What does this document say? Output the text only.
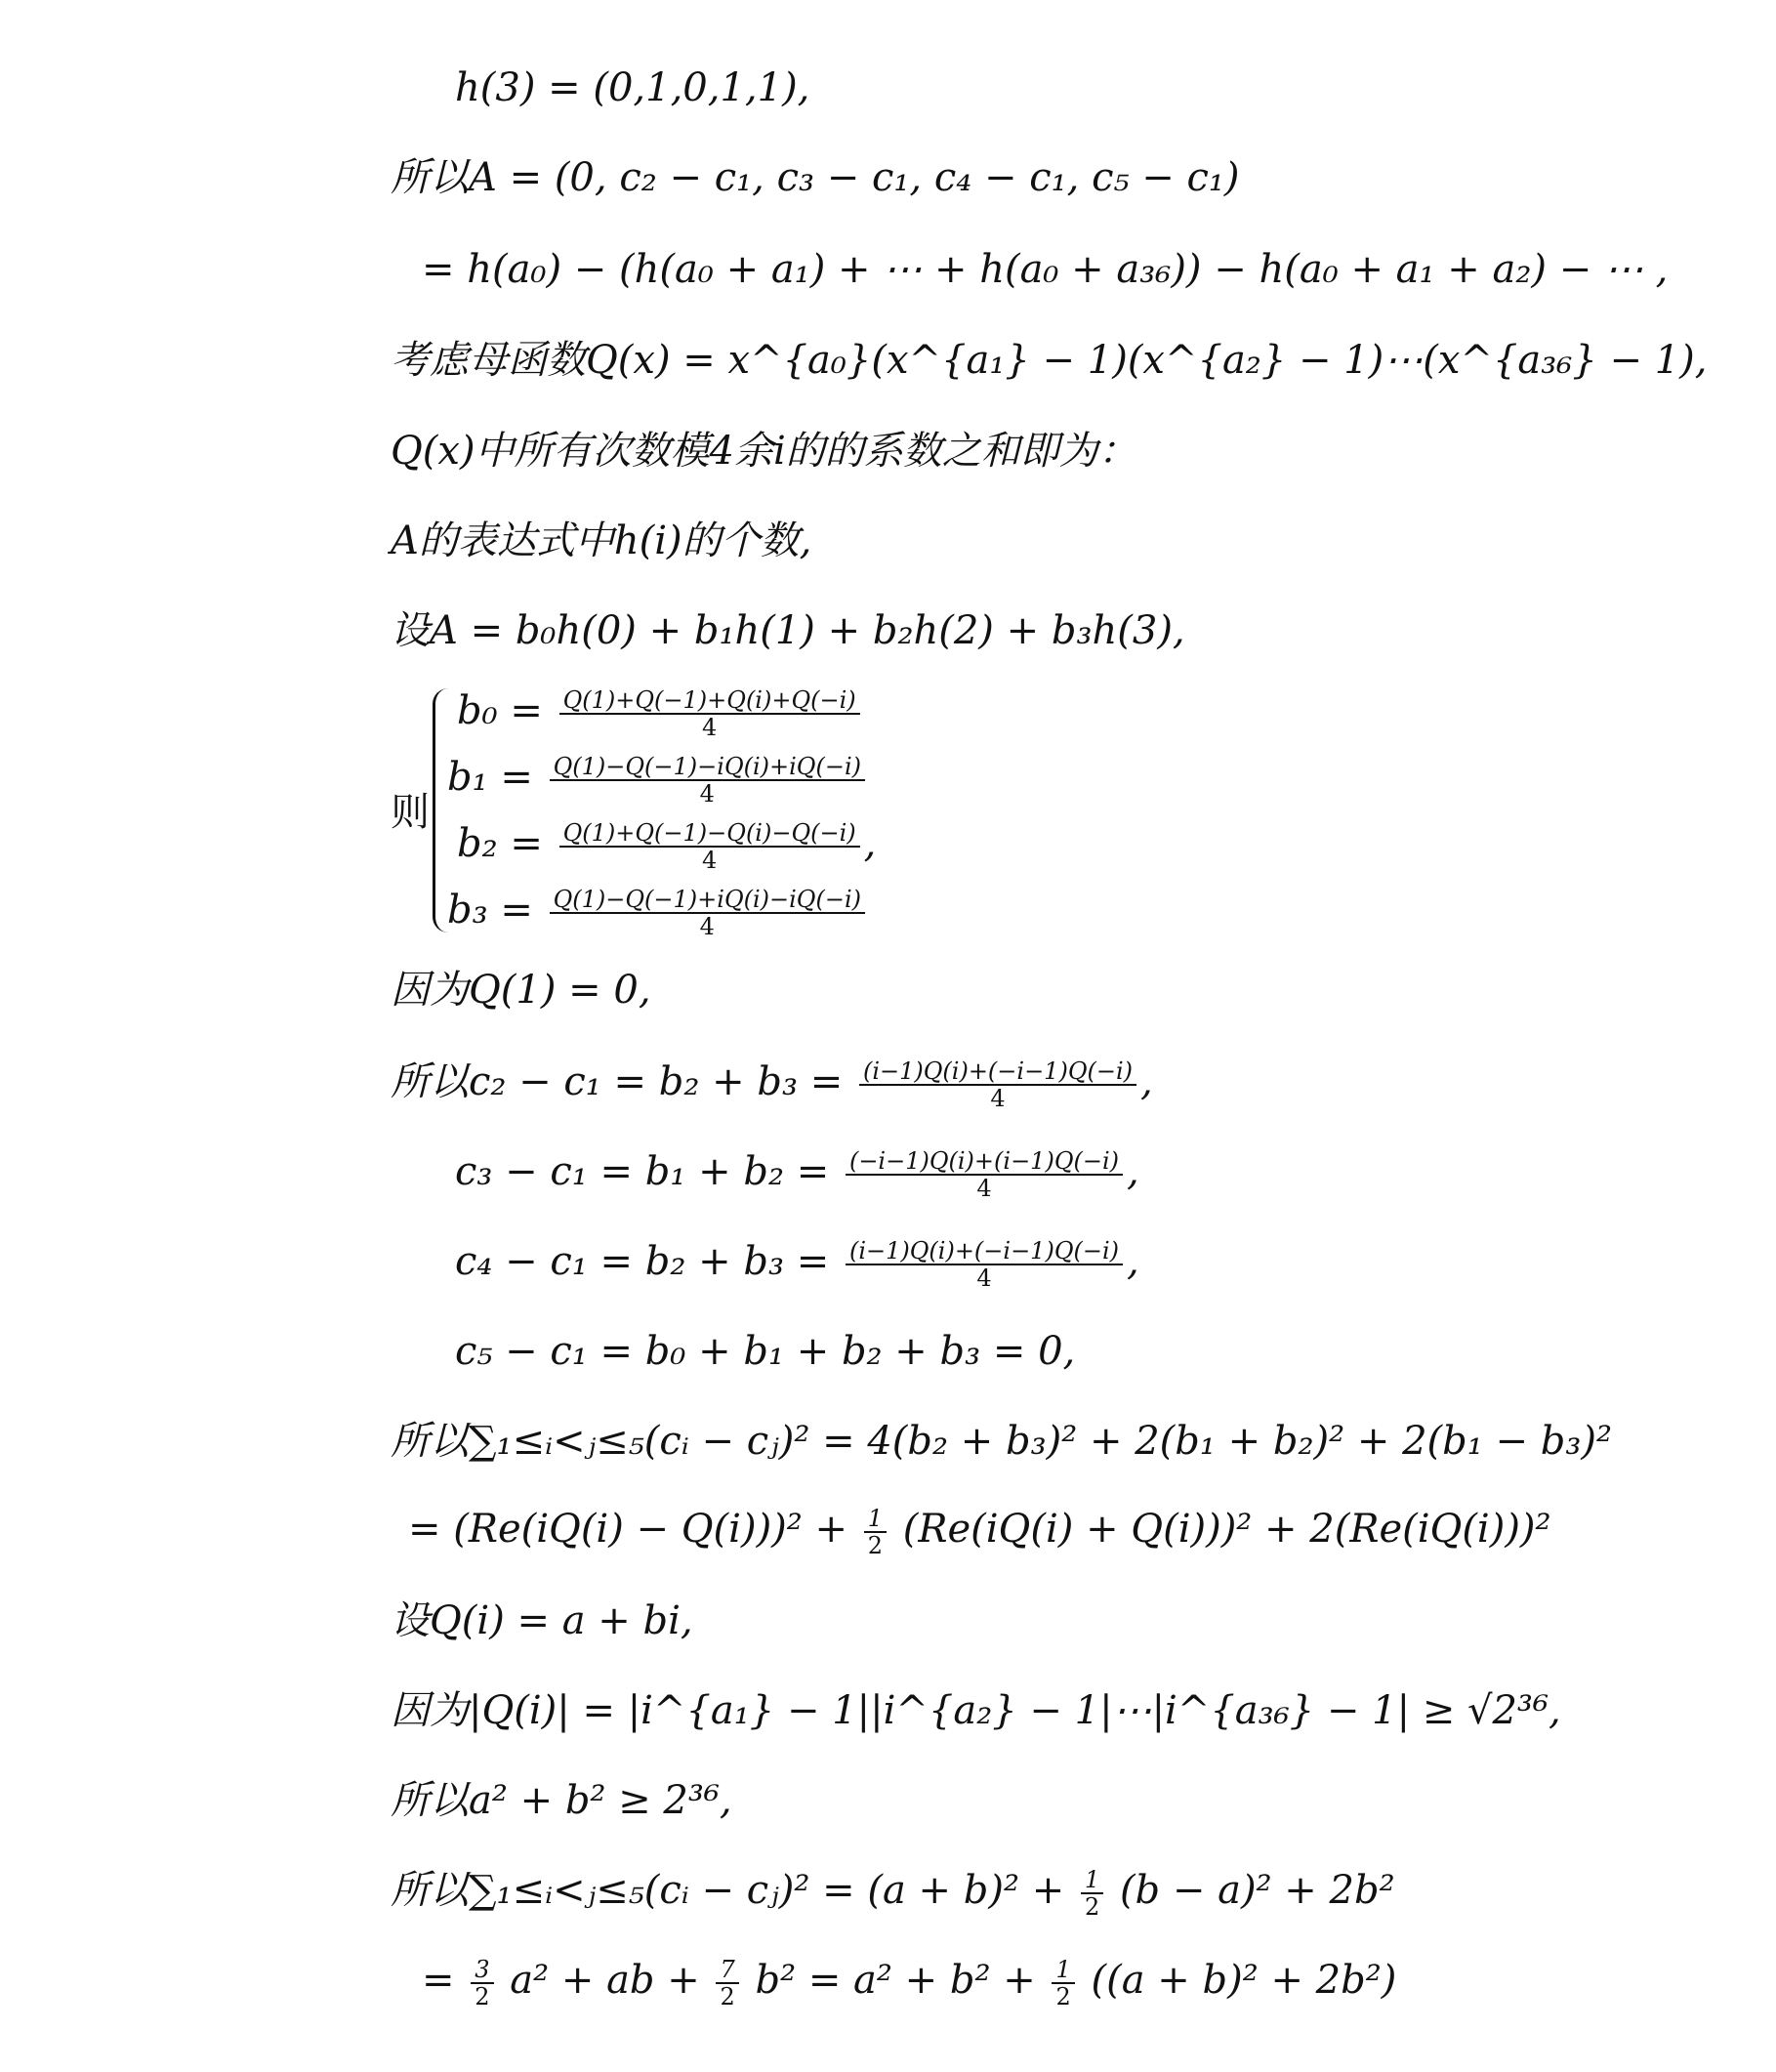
h(3) = (0,1,0,1,1),
所以A = (0, c₂ − c₁, c₃ − c₁, c₄ − c₁, c₅ − c₁)
= h(a₀) − (h(a₀ + a₁) + ⋯ + h(a₀ + a₃₆)) − h(a₀ + a₁ + a₂) − ⋯ ,
考虑母函数Q(x) = x^{a₀}(x^{a₁} − 1)(x^{a₂} − 1)⋯(x^{a₃₆} − 1),
Q(x)中所有次数模4余i的的系数之和即为：
A的表达式中h(i)的个数,
设A = b₀h(0) + b₁h(1) + b₂h(2) + b₃h(3),
则
$b_0 = \frac{Q(1)+Q(-1)+Q(i)+Q(-i)}{4}$
$b_1 = \frac{Q(1)-Q(-1)-iQ(i)+iQ(-i)}{4}$
$b_2 = \frac{Q(1)+Q(-1)-Q(i)-Q(-i)}{4}$ ,
$b_3 = \frac{Q(1)-Q(-1)+iQ(i)-iQ(-i)}{4}$
因为Q(1) = 0,
所以$c_2 - c_1 = b_2 + b_3 = \frac{(i-1)Q(i)+(-i-1)Q(-i)}{4}$ ,
$c_3 - c_1 = b_1 + b_2 = \frac{(-i-1)Q(i)+(i-1)Q(-i)}{4}$ ,
$c_4 - c_1 = b_2 + b_3 = \frac{(i-1)Q(i)+(-i-1)Q(-i)}{4}$ ,
c₅ − c₁ = b₀ + b₁ + b₂ + b₃ = 0,
所以∑₁≤ᵢ<ⱼ≤₅(cᵢ − cⱼ)² = 4(b₂ + b₃)² + 2(b₁ + b₂)² + 2(b₁ − b₃)²
= $(Re(iQ(i) - Q(i)))^2 + \frac{1}{2} (Re(iQ(i) + Q(i)))^2 + 2(Re(iQ(i)))^2$
设Q(i) = a + bi,
因为|Q(i)| = |i^{a₁} − 1||i^{a₂} − 1|⋯|i^{a₃₆} − 1| ≥ √2³⁶,
所以a² + b² ≥ 2³⁶,
所以∑₁≤ᵢ<ⱼ≤₅(cᵢ − cⱼ)² = $(a + b)^2 + \frac{1}{2} (b - a)^2 + 2b^2$
= $\frac{3}{2} a^2$ + ab + $\frac{7}{2} b^2 = a^2 + b^2 + \frac{1}{2} ((a + b)^2 + 2b^2)$
